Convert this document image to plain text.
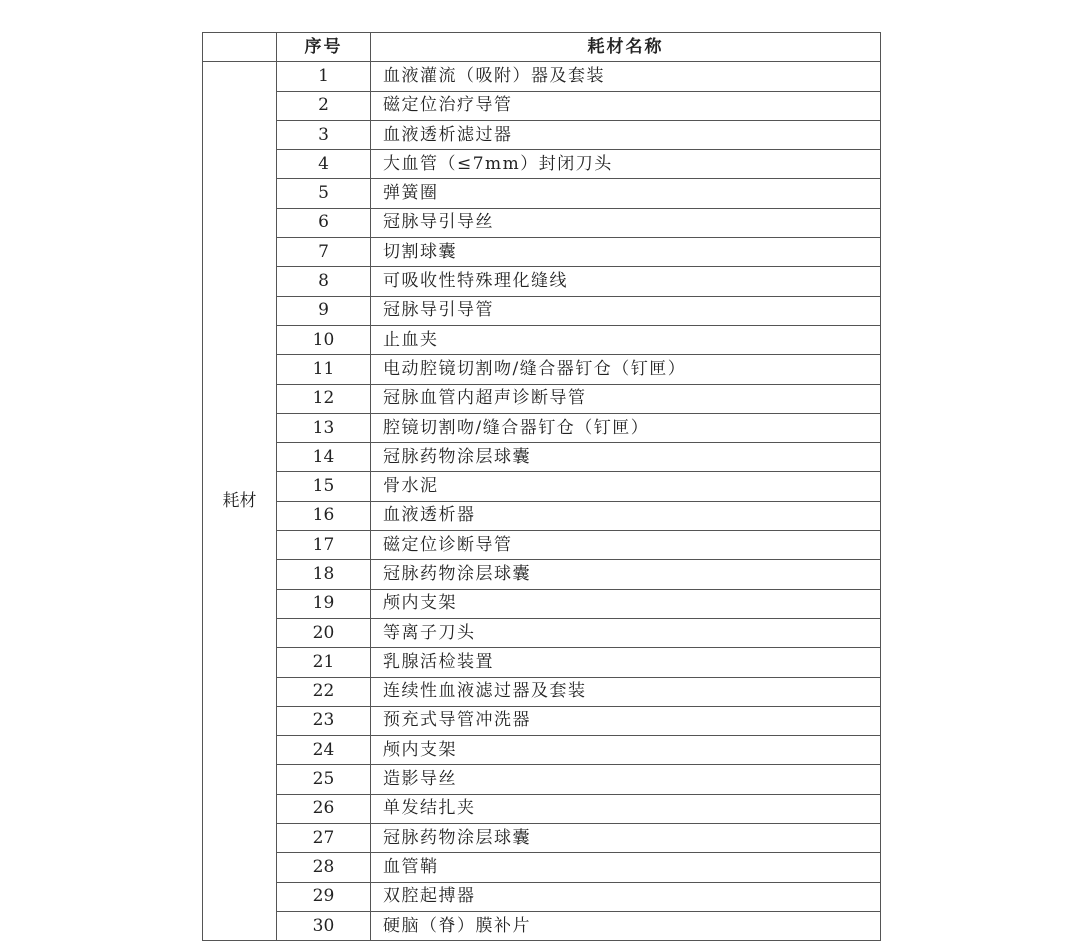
	序号	耗材名称
耗材	1	血液灌流（吸附）器及套装
	2	磁定位治疗导管
	3	血液透析滤过器
	4	大血管（≤7mm）封闭刀头
	5	弹簧圈
	6	冠脉导引导丝
	7	切割球囊
	8	可吸收性特殊理化缝线
	9	冠脉导引导管
	10	止血夹
	11	电动腔镜切割吻/缝合器钉仓（钉匣）
	12	冠脉血管内超声诊断导管
	13	腔镜切割吻/缝合器钉仓（钉匣）
	14	冠脉药物涂层球囊
	15	骨水泥
	16	血液透析器
	17	磁定位诊断导管
	18	冠脉药物涂层球囊
	19	颅内支架
	20	等离子刀头
	21	乳腺活检装置
	22	连续性血液滤过器及套装
	23	预充式导管冲洗器
	24	颅内支架
	25	造影导丝
	26	单发结扎夹
	27	冠脉药物涂层球囊
	28	血管鞘
	29	双腔起搏器
	30	硬脑（脊）膜补片
